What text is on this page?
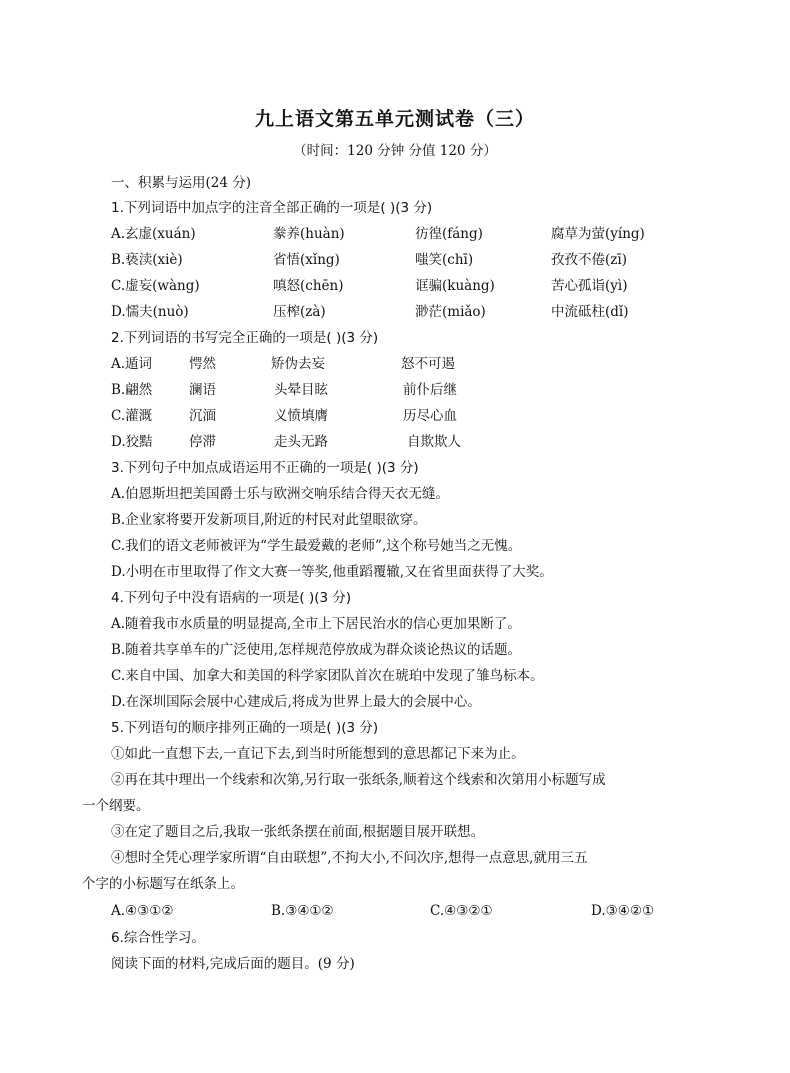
九上语文第五单元测试卷（三）
（时间：120 分钟 分值 120 分）
一、积累与运用(24 分)
1.下列词语中加点字的注音全部正确的一项是( )(3 分)
A.玄虚(xuán)	豢养(huàn)	彷徨(fáng)	腐草为萤(yíng)
B.亵渎(xiè)	省悟(xǐng)	嗤笑(chī)	孜孜不倦(zī)
C.虚妄(wàng)	嗔怒(chēn)	诓骗(kuàng)	苦心孤诣(yì)
D.懦夫(nuò)	压榨(zà)	渺茫(miǎo)	中流砥柱(dǐ)
2.下列词语的书写完全正确的一项是( )(3 分)
A.遁词	愕然	矫伪去妄	怒不可遏
B.翩然	澜语	头晕目眩	前仆后继
C.灌溉	沉湎	义愤填膺	历尽心血
D.狡黠	停滞	走头无路	自欺欺人
3.下列句子中加点成语运用不正确的一项是( )(3 分)
A.伯恩斯坦把美国爵士乐与欧洲交响乐结合得天衣无缝。
B.企业家将要开发新项目,附近的村民对此望眼欲穿。
C.我们的语文老师被评为“学生最爱戴的老师”,这个称号她当之无愧。
D.小明在市里取得了作文大赛一等奖,他重蹈覆辙,又在省里面获得了大奖。
4.下列句子中没有语病的一项是( )(3 分)
A.随着我市水质量的明显提高,全市上下居民治水的信心更加果断了。
B.随着共享单车的广泛使用,怎样规范停放成为群众谈论热议的话题。
C.来自中国、加拿大和美国的科学家团队首次在琥珀中发现了雏鸟标本。
D.在深圳国际会展中心建成后,将成为世界上最大的会展中心。
5.下列语句的顺序排列正确的一项是( )(3 分)
①如此一直想下去,一直记下去,到当时所能想到的意思都记下来为止。
②再在其中理出一个线索和次第,另行取一张纸条,顺着这个线索和次第用小标题写成
一个纲要。
③在定了题目之后,我取一张纸条摆在前面,根据题目展开联想。
④想时全凭心理学家所谓“自由联想”,不拘大小,不问次序,想得一点意思,就用三五
个字的小标题写在纸条上。
A.④③①②	B.③④①②	C.④③②①	D.③④②①
6.综合性学习。
阅读下面的材料,完成后面的题目。(9 分)
